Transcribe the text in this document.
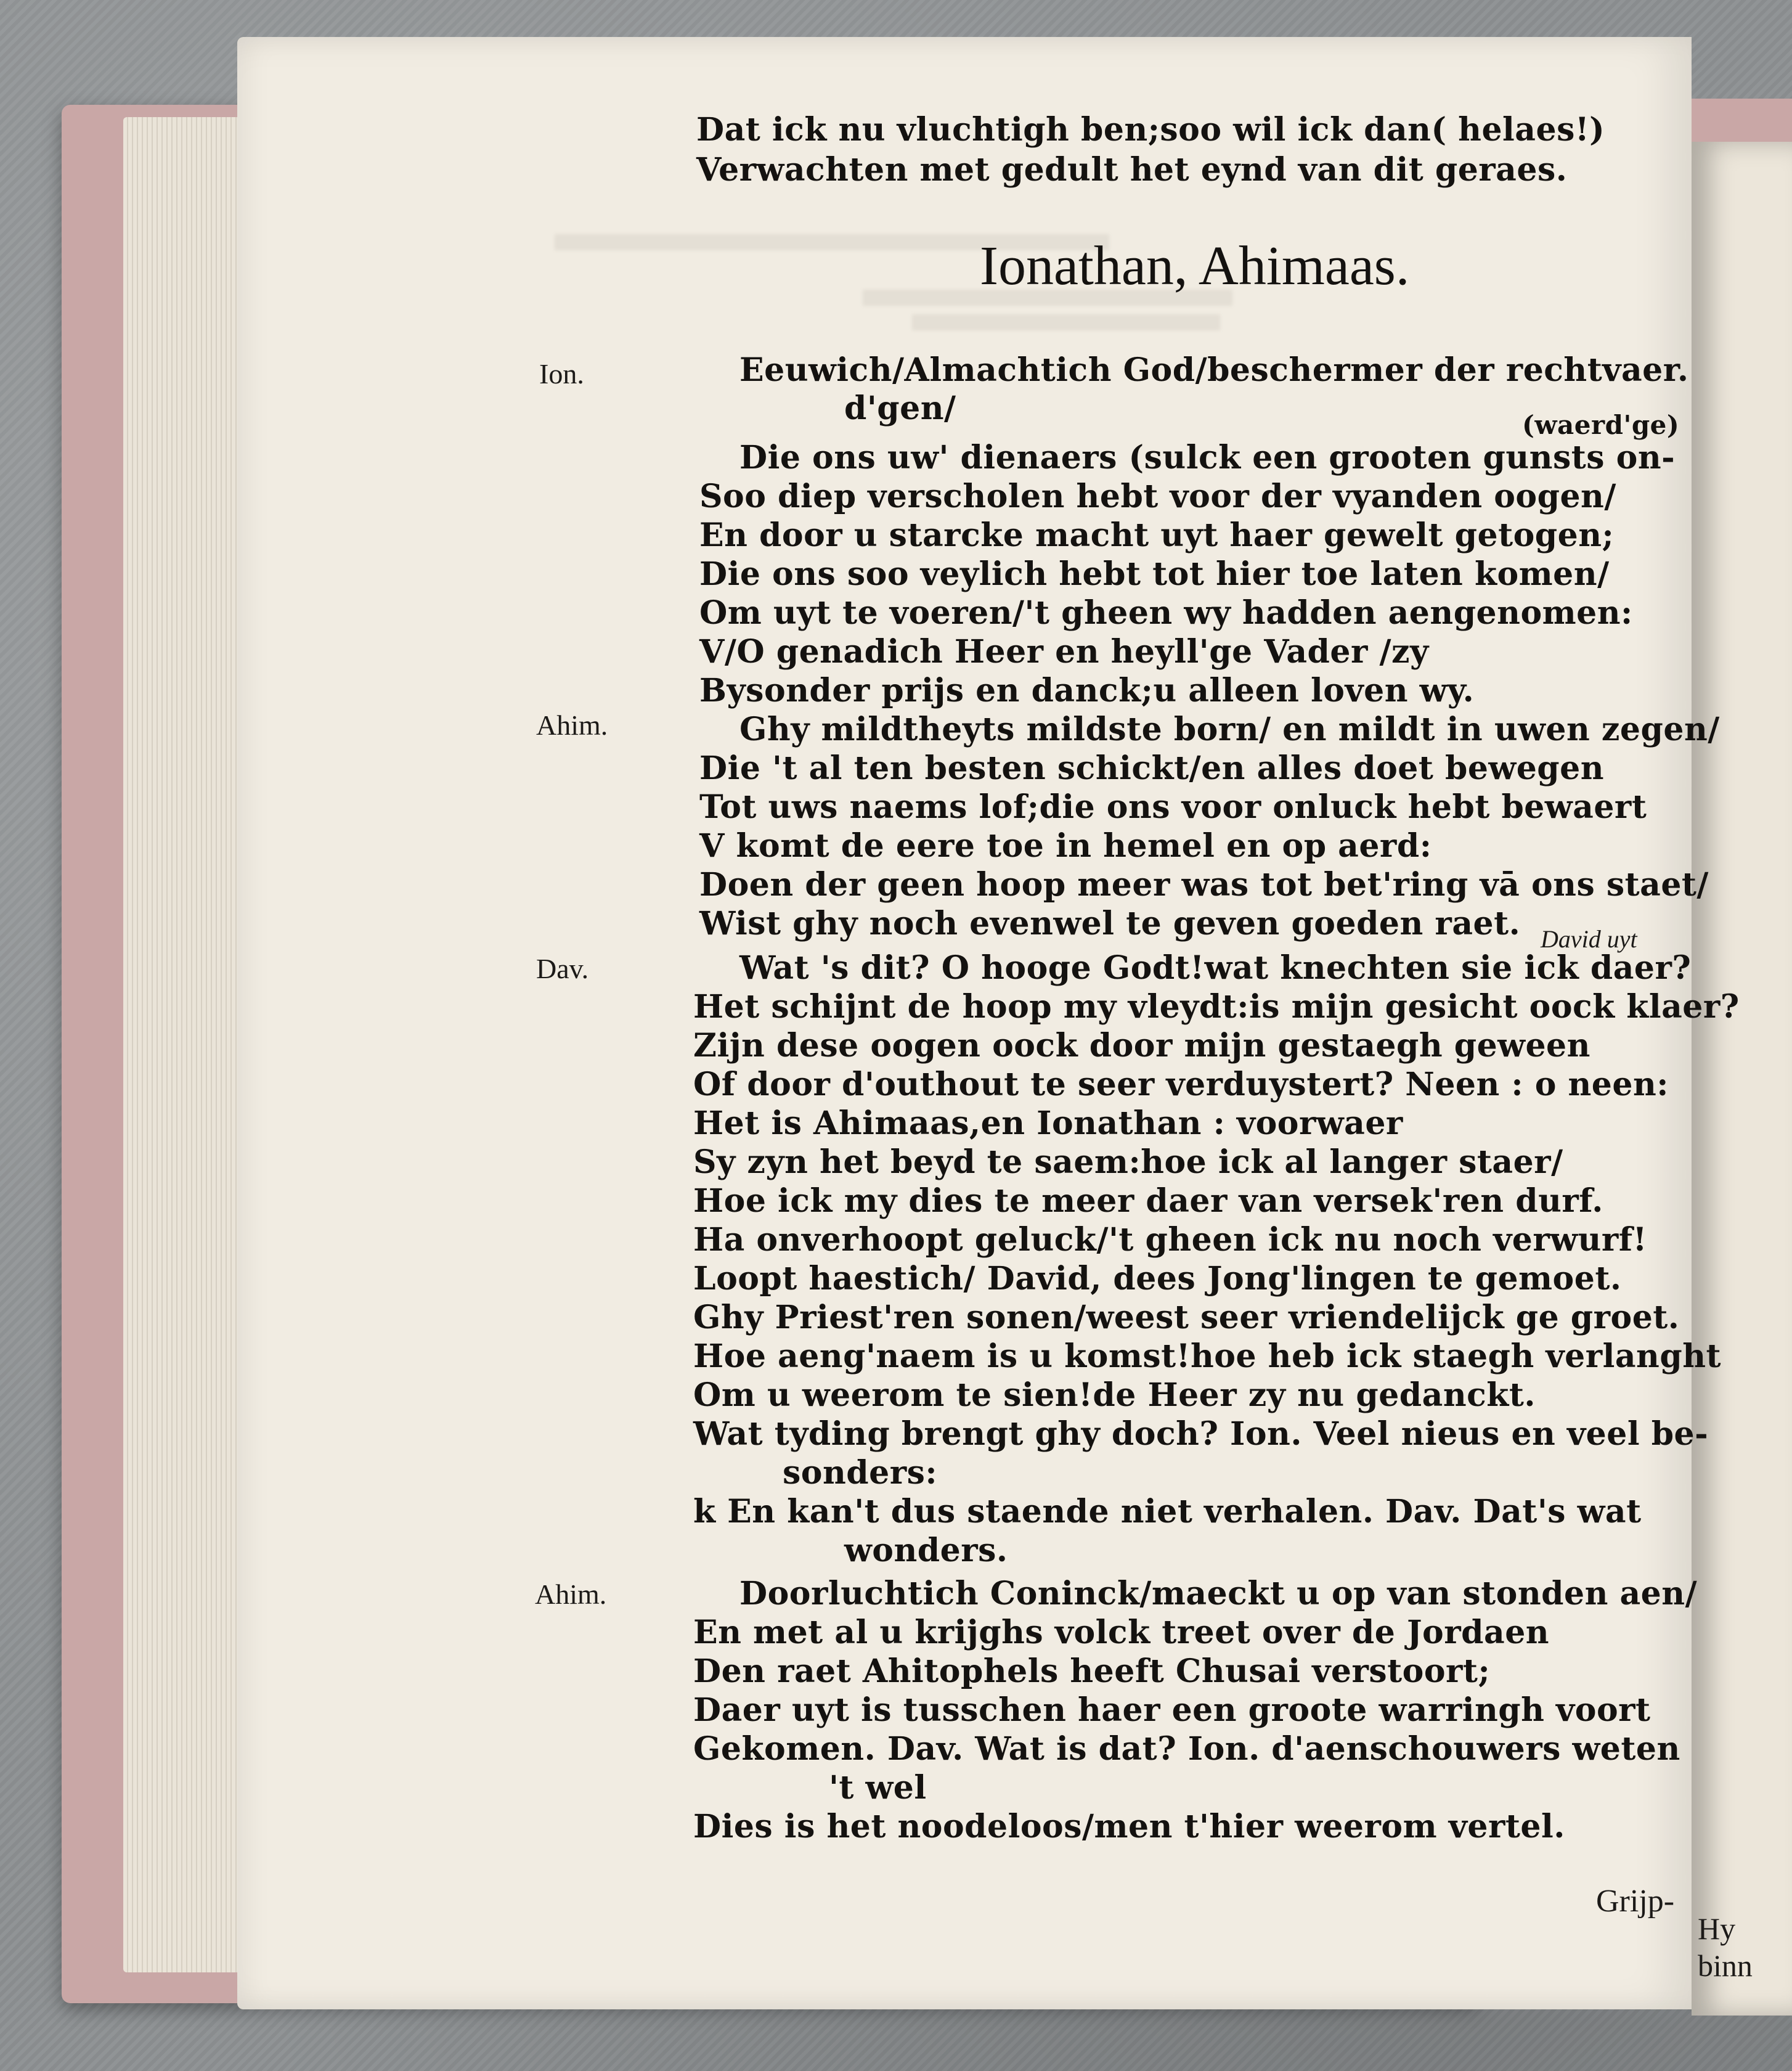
Hy
binn
Dat ick nu vluchtigh ben;soo wil ick dan( helaes!)
Verwachten met gedult het eynd van dit geraes.
Ionathan, Ahimaas.
Ion.
Ahim.
Dav.
Ahim.
Eeuwich/Almachtich God/beschermer der rechtvaer.
d'gen/	(waerd'ge)
Die ons uw' dienaers (sulck een grooten gunsts on-
Soo diep verscholen hebt voor der vyanden oogen/
En door u starcke macht uyt haer gewelt getogen;
Die ons soo veylich hebt tot hier toe laten komen/
Om uyt te voeren/'t gheen wy hadden aengenomen:
V/O genadich Heer en heyll'ge Vader /zy
Bysonder prijs en danck;u alleen loven wy.
Ghy mildtheyts mildste born/ en mildt in uwen zegen/
Die 't al ten besten schickt/en alles doet bewegen
Tot uws naems lof;die ons voor onluck hebt bewaert
V komt de eere toe in hemel en op aerd:
Doen der geen hoop meer was tot bet'ring vā ons staet/
Wist ghy noch evenwel te geven goeden raet. David uyt
Wat 's dit? O hooge Godt!wat knechten sie ick daer?
Het schijnt de hoop my vleydt:is mijn gesicht oock klaer?
Zijn dese oogen oock door mijn gestaegh geween
Of door d'outhout te seer verduystert? Neen : o neen:
Het is Ahimaas,en Ionathan : voorwaer
Sy zyn het beyd te saem:hoe ick al langer staer/
Hoe ick my dies te meer daer van versek'ren durf.
Ha onverhoopt geluck/'t gheen ick nu noch verwurf!
Loopt haestich/ David, dees Jong'lingen te gemoet.
Ghy Priest'ren sonen/weest seer vriendelijck ge groet.
Hoe aeng'naem is u komst!hoe heb ick staegh verlanght
Om u weerom te sien!de Heer zy nu gedanckt.
Wat tyding brengt ghy doch? Ion. Veel nieus en veel be-
sonders:
k En kan't dus staende niet verhalen. Dav. Dat's wat
wonders.
Doorluchtich Coninck/maeckt u op van stonden aen/
En met al u krijghs volck treet over de Jordaen
Den raet Ahitophels heeft Chusai verstoort;
Daer uyt is tusschen haer een groote warringh voort
Gekomen. Dav. Wat is dat? Ion. d'aenschouwers weten
't wel
Dies is het noodeloos/men t'hier weerom vertel.
Grijp-
